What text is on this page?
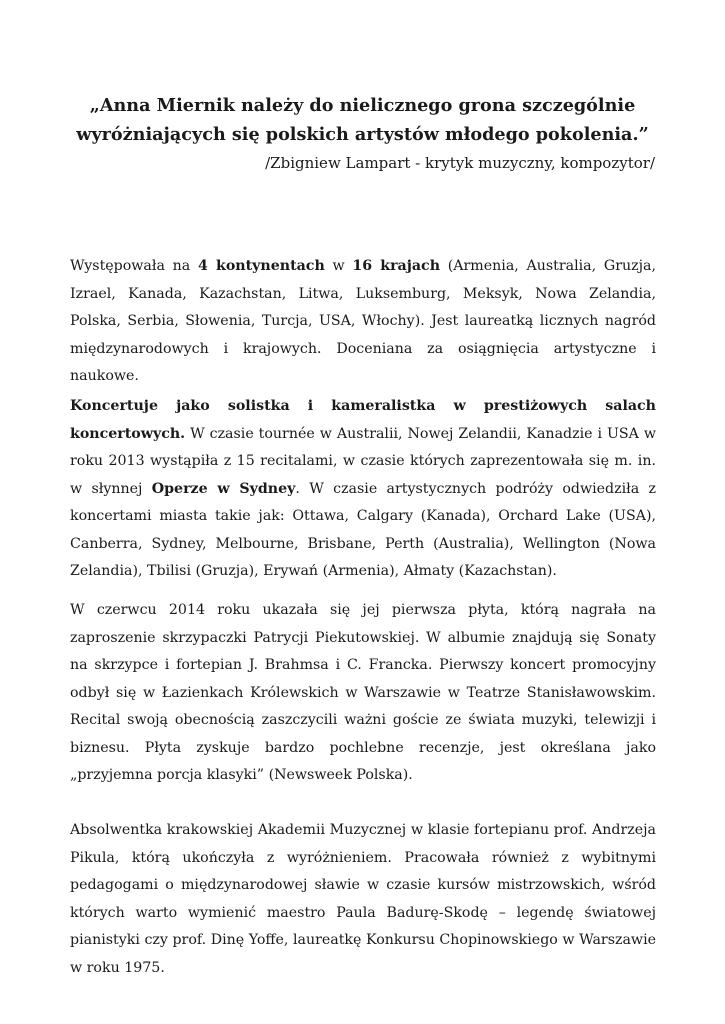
„Anna Miernik należy do nielicznego grona szczególnie wyróżniających się polskich artystów młodego pokolenia.”
/Zbigniew Lampart - krytyk muzyczny, kompozytor/

Występowała na 4 kontynentach w 16 krajach (Armenia, Australia, Gruzja, Izrael, Kanada, Kazachstan, Litwa, Luksemburg, Meksyk, Nowa Zelandia, Polska, Serbia, Słowenia, Turcja, USA, Włochy). Jest laureatką licznych nagród międzynarodowych i krajowych. Doceniana za osiągnięcia artystyczne i naukowe.

Koncertuje jako solistka i kameralistka w prestiżowych salach koncertowych. W czasie tournée w Australii, Nowej Zelandii, Kanadzie i USA w roku 2013 wystąpiła z 15 recitalami, w czasie których zaprezentowała się m. in. w słynnej Operze w Sydney. W czasie artystycznych podróży odwiedziła z koncertami miasta takie jak: Ottawa, Calgary (Kanada), Orchard Lake (USA), Canberra, Sydney, Melbourne, Brisbane, Perth (Australia), Wellington (Nowa Zelandia), Tbilisi (Gruzja), Erywań (Armenia), Ałmaty (Kazachstan).

W czerwcu 2014 roku ukazała się jej pierwsza płyta, którą nagrała na zaproszenie skrzypaczki Patrycji Piekutowskiej. W albumie znajdują się Sonaty na skrzypce i fortepian J. Brahmsa i C. Francka. Pierwszy koncert promocyjny odbył się w Łazienkach Królewskich w Warszawie w Teatrze Stanisławowskim. Recital swoją obecnością zaszczycili ważni goście ze świata muzyki, telewizji i biznesu. Płyta zyskuje bardzo pochlebne recenzje, jest określana jako „przyjemna porcja klasyki” (Newsweek Polska).

Absolwentka krakowskiej Akademii Muzycznej w klasie fortepianu prof. Andrzeja Pikula, którą ukończyła z wyróżnieniem. Pracowała również z wybitnymi pedagogami o międzynarodowej sławie w czasie kursów mistrzowskich, wśród których warto wymienić maestro Paula Badurę-Skodę – legendę światowej pianistyki czy prof. Dinę Yoffe, laureatkę Konkursu Chopinowskiego w Warszawie w roku 1975.
